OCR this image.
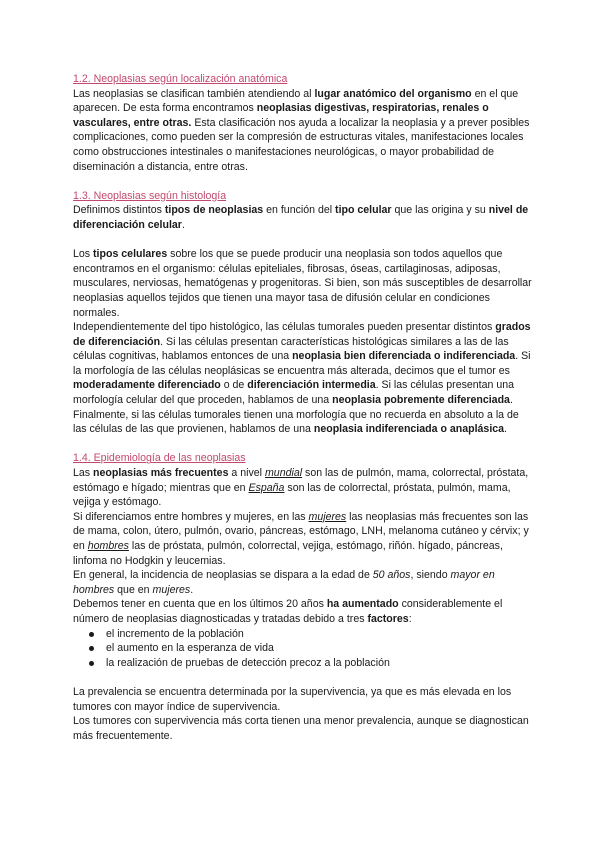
1.2. Neoplasias según localización anatómica

Las neoplasias se clasifican también atendiendo al lugar anatómico del organismo en el que aparecen. De esta forma encontramos neoplasias digestivas, respiratorias, renales o vasculares, entre otras. Esta clasificación nos ayuda a localizar la neoplasia y a prever posibles complicaciones, como pueden ser la compresión de estructuras vitales, manifestaciones locales como obstrucciones intestinales o manifestaciones neurológicas, o mayor probabilidad de diseminación a distancia, entre otras.

1.3. Neoplasias según histología

Definimos distintos tipos de neoplasias en función del tipo celular que las origina y su nivel de diferenciación celular.

Los tipos celulares sobre los que se puede producir una neoplasia son todos aquellos que encontramos en el organismo: células epiteliales, fibrosas, óseas, cartilaginosas, adiposas, musculares, nerviosas, hematógenas y progenitoras. Si bien, son más susceptibles de desarrollar neoplasias aquellos tejidos que tienen una mayor tasa de difusión celular en condiciones normales.

Independientemente del tipo histológico, las células tumorales pueden presentar distintos grados de diferenciación. Si las células presentan características histológicas similares a las de las células cognitivas, hablamos entonces de una neoplasia bien diferenciada o indiferenciada. Si la morfología de las células neoplásicas se encuentra más alterada, decimos que el tumor es moderadamente diferenciado o de diferenciación intermedia. Si las células presentan una morfología celular del que proceden, hablamos de una neoplasia pobremente diferenciada. Finalmente, si las células tumorales tienen una morfología que no recuerda en absoluto a la de las células de las que provienen, hablamos de una neoplasia indiferenciada o anaplásica.

1.4. Epidemiología de las neoplasias

Las neoplasias más frecuentes a nivel mundial son las de pulmón, mama, colorrectal, próstata, estómago e hígado; mientras que en España son las de colorrectal, próstata, pulmón, mama, vejiga y estómago.

Si diferenciamos entre hombres y mujeres, en las mujeres las neoplasias más frecuentes son las de mama, colon, útero, pulmón, ovario, páncreas, estómago, LNH, melanoma cutáneo y cérvix; y en hombres las de próstata, pulmón, colorrectal, vejiga, estómago, riñón. hígado, páncreas, linfoma no Hodgkin y leucemias.

En general, la incidencia de neoplasias se dispara a la edad de 50 años, siendo mayor en hombres que en mujeres.

Debemos tener en cuenta que en los últimos 20 años ha aumentado considerablemente el número de neoplasias diagnosticadas y tratadas debido a tres factores:

el incremento de la población
el aumento en la esperanza de vida
la realización de pruebas de detección precoz a la población

La prevalencia se encuentra determinada por la supervivencia, ya que es más elevada en los tumores con mayor índice de supervivencia.

Los tumores con supervivencia más corta tienen una menor prevalencia, aunque se diagnostican más frecuentemente.
